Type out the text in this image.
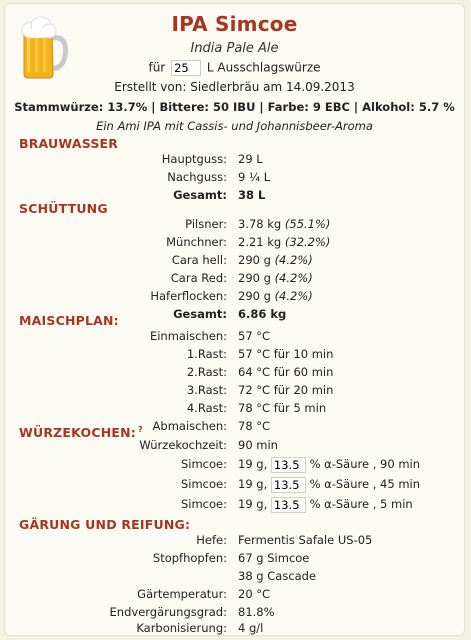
IPA Simcoe
India Pale Ale
für 25	L Ausschlagswürze
Erstellt von: Siedlerbräu am 14.09.2013
Stammwürze: 13.7% | Bittere: 50 IBU | Farbe: 9 EBC | Alkohol: 5.7 %
Ein Ami IPA mit Cassis- und Johannisbeer-Aroma
BRAUWASSER
Hauptguss: 29 L
Nachguss: 9 ¼ L
Gesamt: 38 L
SCHÜTTUNG
Pilsner: 3.78 kg (55.1%)
Münchner: 2.21 kg (32.2%)
Cara hell: 290 g (4.2%)
Cara Red: 290 g (4.2%)
Haferflocken: 290 g (4.2%)
Gesamt: 6.86 kg
MAISCHPLAN:
Einmaischen: 57 °C
1.Rast: 57 °C für 10 min
2.Rast: 64 °C für 60 min
3.Rast: 72 °C für 20 min
4.Rast: 78 °C für 5 min
Abmaischen: 78 °C
WÜRZEKOCHEN: ?
Würzekochzeit: 90 min
Simcoe: 19 g, 13.5	% α-Säure , 90 min
Simcoe: 19 g, 13.5	% α-Säure , 45 min
Simcoe: 19 g, 13.5	% α-Säure , 5 min
GÄRUNG UND REIFUNG:
Hefe: Fermentis Safale US-05
Stopfhopfen: 67 g Simcoe
38 g Cascade
Gärtemperatur: 20 °C
Endvergärungsgrad: 81.8%
Karbonisierung: 4 g/l
